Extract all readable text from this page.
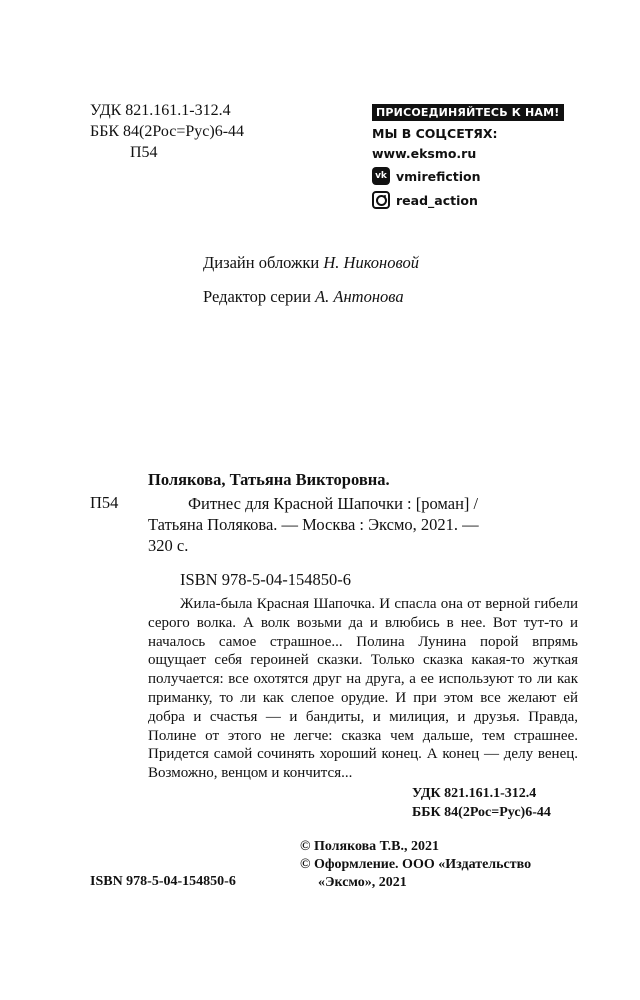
УДК 821.161.1-312.4
ББК 84(2Рос=Рус)6-44
П54
ПРИСОЕДИНЯЙТЕСЬ К НАМ!
МЫ В СОЦСЕТЯХ:
www.eksmo.ru
vk vmirefiction
read_action
Дизайн обложки Н. Никоновой
Редактор серии А. Антонова
Полякова, Татьяна Викторовна.
П54	Фитнес для Красной Шапочки : [роман] /
Татьяна Полякова. — Москва : Эксмо, 2021. —
320 с.
ISBN 978-5-04-154850-6
Жила-была Красная Шапочка. И спасла она от верной гибели серого волка. А волк возьми да и влюбись в нее. Вот тут-то и началось самое страшное... Полина Лунина порой впрямь ощущает себя героиней сказки. Только сказка какая-то жуткая получается: все охотятся друг на друга, а ее используют то ли как приманку, то ли как слепое орудие. И при этом все желают ей добра и счастья — и бандиты, и милиция, и друзья. Правда, Полине от этого не легче: сказка чем дальше, тем страшнее. Придется самой сочинять хороший конец. А конец — делу венец. Возможно, венцом и кончится...
УДК 821.161.1-312.4
ББК 84(2Рос=Рус)6-44
© Полякова Т.В., 2021
© Оформление. ООО «Издательство
«Эксмо», 2021
ISBN 978-5-04-154850-6
